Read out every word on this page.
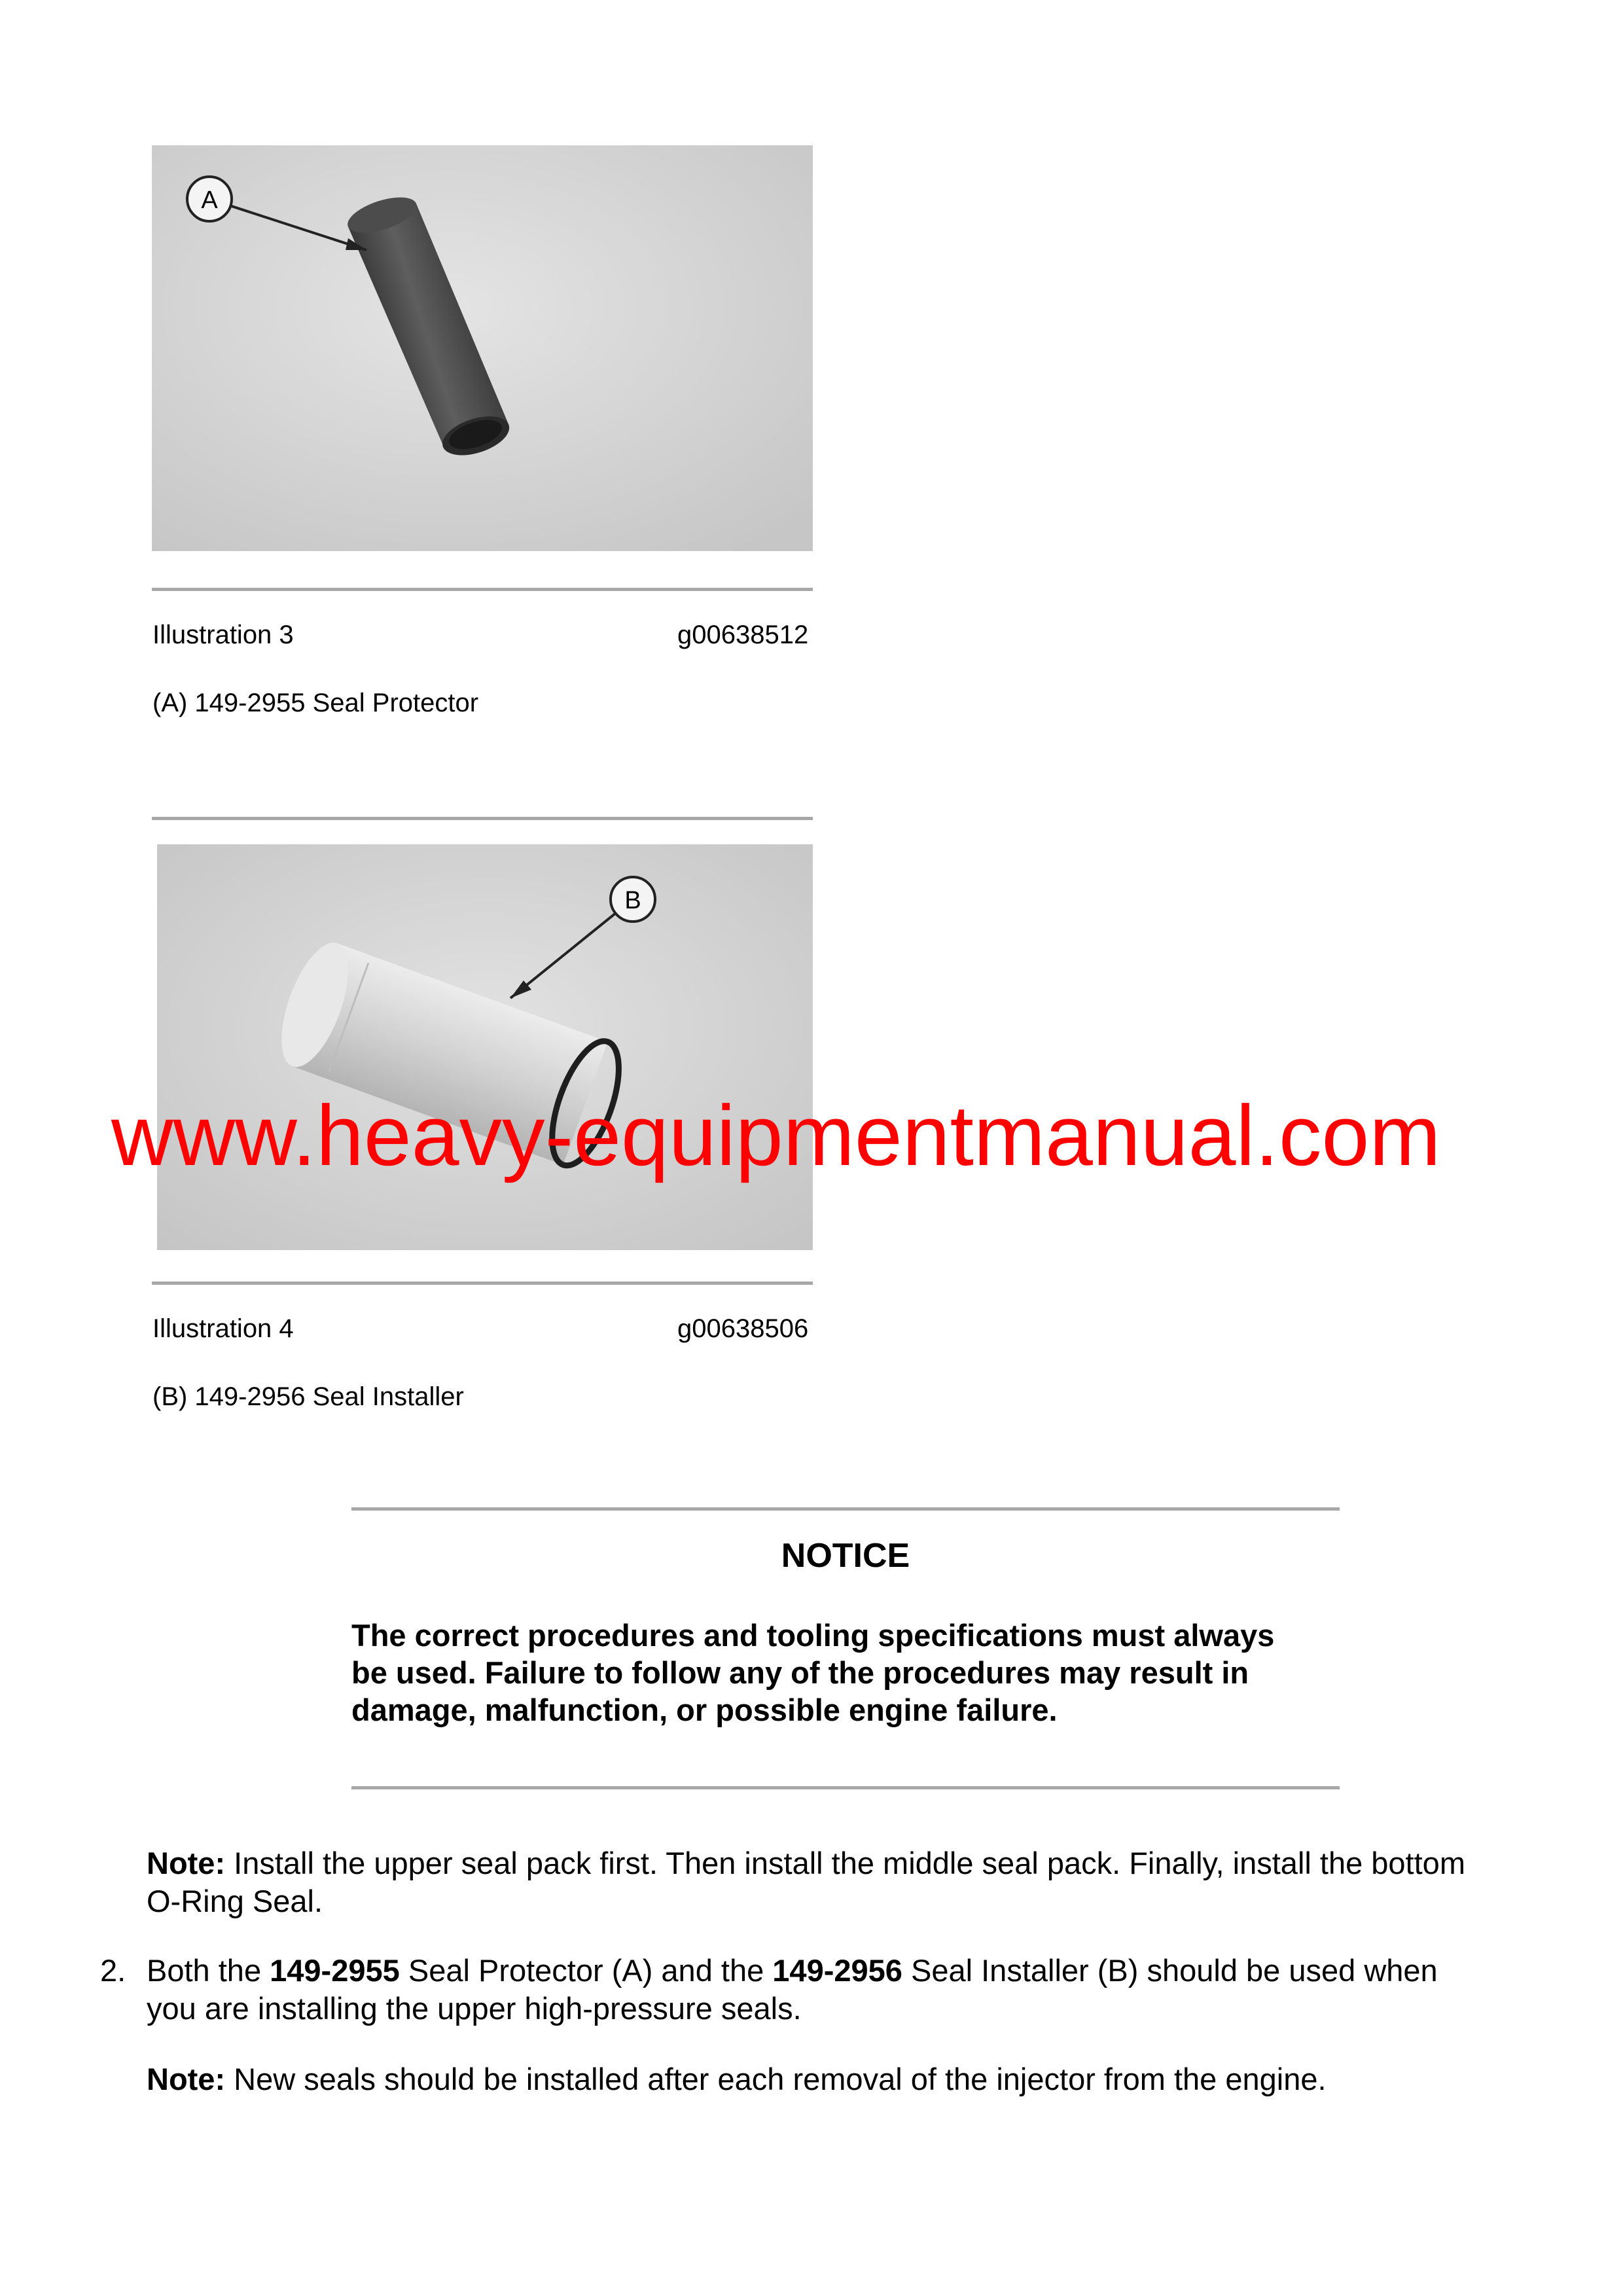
A
Illustration 3	g00638512
(A) 149-2955 Seal Protector
B
www.heavy-equipmentmanual.com
Illustration 4	g00638506
(B) 149-2956 Seal Installer
NOTICE
The correct procedures and tooling specifications must always
be used. Failure to follow any of the procedures may result in
damage, malfunction, or possible engine failure.
Note: Install the upper seal pack first. Then install the middle seal pack. Finally, install the bottom
O-Ring Seal.
2. Both the 149-2955 Seal Protector (A) and the 149-2956 Seal Installer (B) should be used when
you are installing the upper high-pressure seals.
Note: New seals should be installed after each removal of the injector from the engine.
